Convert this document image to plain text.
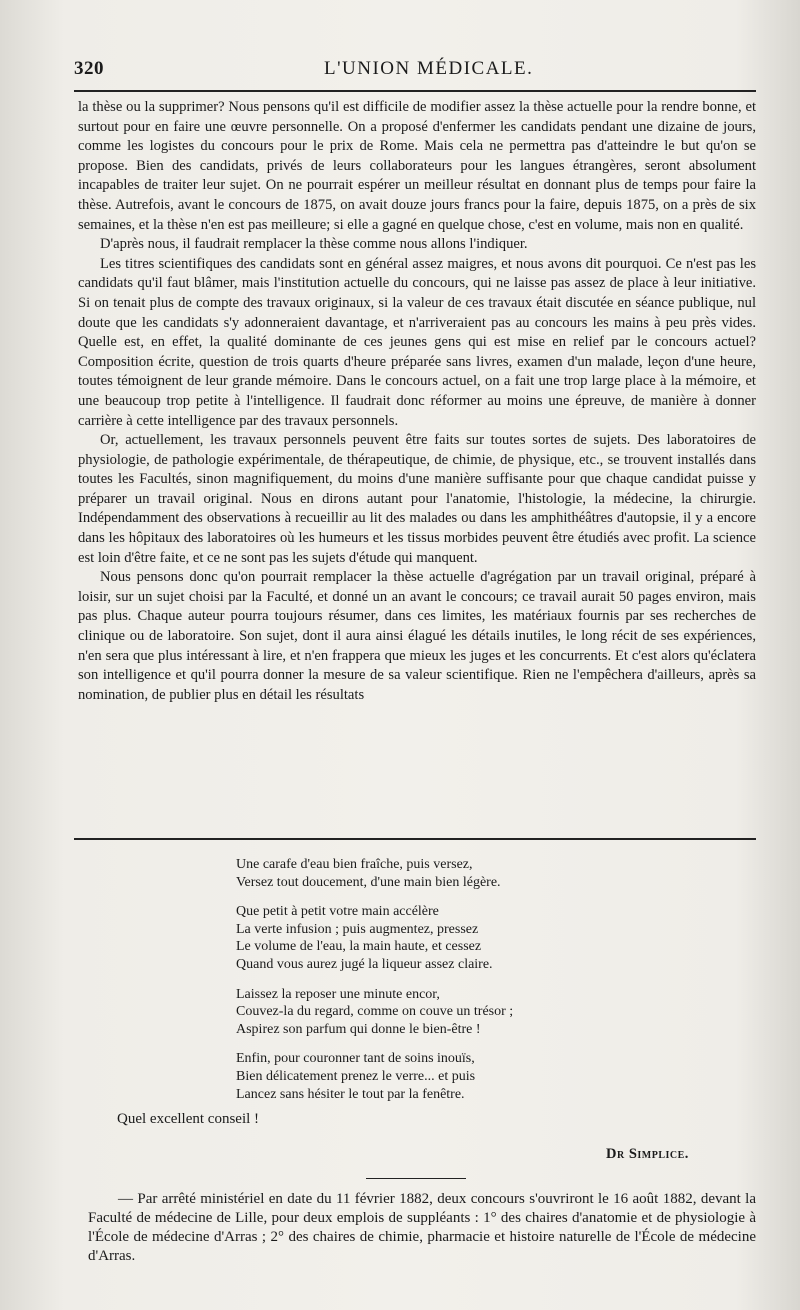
320	L'UNION MÉDICALE.

la thèse ou la supprimer? Nous pensons qu'il est difficile de modifier assez la thèse actuelle pour la rendre bonne, et surtout pour en faire une œuvre personnelle. On a proposé d'enfermer les candidats pendant une dizaine de jours, comme les logistes du concours pour le prix de Rome. Mais cela ne permettra pas d'atteindre le but qu'on se propose. Bien des candidats, privés de leurs collaborateurs pour les langues étrangères, seront absolument incapables de traiter leur sujet. On ne pourrait espérer un meilleur résultat en donnant plus de temps pour faire la thèse. Autrefois, avant le concours de 1875, on avait douze jours francs pour la faire, depuis 1875, on a près de six semaines, et la thèse n'en est pas meilleure; si elle a gagné en quelque chose, c'est en volume, mais non en qualité.

D'après nous, il faudrait remplacer la thèse comme nous allons l'indiquer.

Les titres scientifiques des candidats sont en général assez maigres, et nous avons dit pourquoi. Ce n'est pas les candidats qu'il faut blâmer, mais l'institution actuelle du concours, qui ne laisse pas assez de place à leur initiative. Si on tenait plus de compte des travaux originaux, si la valeur de ces travaux était discutée en séance publique, nul doute que les candidats s'y adonneraient davantage, et n'arriveraient pas au concours les mains à peu près vides. Quelle est, en effet, la qualité dominante de ces jeunes gens qui est mise en relief par le concours actuel? Composition écrite, question de trois quarts d'heure préparée sans livres, examen d'un malade, leçon d'une heure, toutes témoignent de leur grande mémoire. Dans le concours actuel, on a fait une trop large place à la mémoire, et une beaucoup trop petite à l'intelligence. Il faudrait donc réformer au moins une épreuve, de manière à donner carrière à cette intelligence par des travaux personnels.

Or, actuellement, les travaux personnels peuvent être faits sur toutes sortes de sujets. Des laboratoires de physiologie, de pathologie expérimentale, de thérapeutique, de chimie, de physique, etc., se trouvent installés dans toutes les Facultés, sinon magnifiquement, du moins d'une manière suffisante pour que chaque candidat puisse y préparer un travail original. Nous en dirons autant pour l'anatomie, l'histologie, la médecine, la chirurgie. Indépendamment des observations à recueillir au lit des malades ou dans les amphithéâtres d'autopsie, il y a encore dans les hôpitaux des laboratoires où les humeurs et les tissus morbides peuvent être étudiés avec profit. La science est loin d'être faite, et ce ne sont pas les sujets d'étude qui manquent.

Nous pensons donc qu'on pourrait remplacer la thèse actuelle d'agrégation par un travail original, préparé à loisir, sur un sujet choisi par la Faculté, et donné un an avant le concours; ce travail aurait 50 pages environ, mais pas plus. Chaque auteur pourra toujours résumer, dans ces limites, les matériaux fournis par ses recherches de clinique ou de laboratoire. Son sujet, dont il aura ainsi élagué les détails inutiles, le long récit de ses expériences, n'en sera que plus intéressant à lire, et n'en frappera que mieux les juges et les concurrents. Et c'est alors qu'éclatera son intelligence et qu'il pourra donner la mesure de sa valeur scientifique. Rien ne l'empêchera d'ailleurs, après sa nomination, de publier plus en détail les résultats

Une carafe d'eau bien fraîche, puis versez,
Versez tout doucement, d'une main bien légère.
Que petit à petit votre main accélère
La verte infusion ; puis augmentez, pressez
Le volume de l'eau, la main haute, et cessez
Quand vous aurez jugé la liqueur assez claire.
Laissez la reposer une minute encor,
Couvez-la du regard, comme on couve un trésor ;
Aspirez son parfum qui donne le bien-être !
Enfin, pour couronner tant de soins inouïs,
Bien délicatement prenez le verre... et puis
Lancez sans hésiter le tout par la fenêtre.
Quel excellent conseil !
Dr Simplice.

— Par arrêté ministériel en date du 11 février 1882, deux concours s'ouvriront le 16 août 1882, devant la Faculté de médecine de Lille, pour deux emplois de suppléants : 1° des chaires d'anatomie et de physiologie à l'École de médecine d'Arras ; 2° des chaires de chimie, pharmacie et histoire naturelle de l'École de médecine d'Arras.
